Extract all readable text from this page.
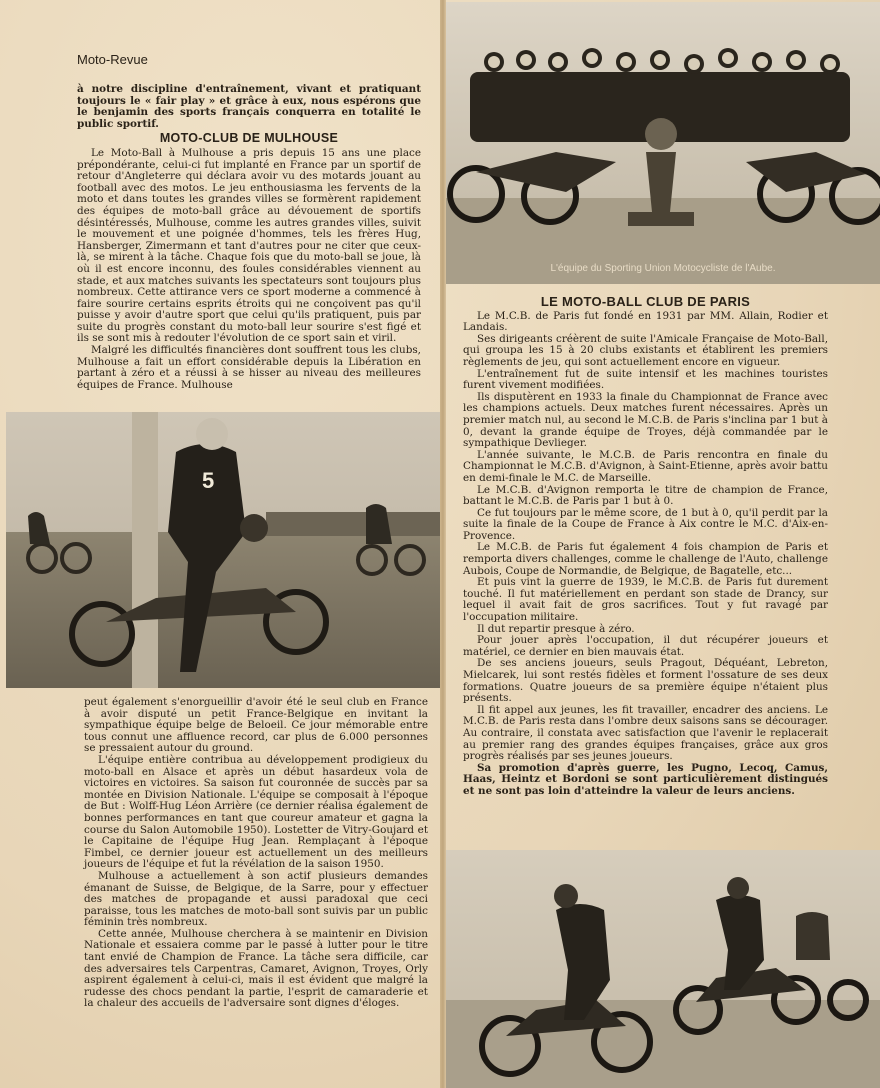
Moto-Revue

à notre discipline d'entraînement, vivant et pratiquant toujours le « fair play » et grâce à eux, nous espérons que le benjamin des sports français conquerra en totalité le public sportif.

MOTO-CLUB DE MULHOUSE

Le Moto-Ball à Mulhouse a pris depuis 15 ans une place prépondérante, celui-ci fut implanté en France par un sportif de retour d'Angleterre qui déclara avoir vu des motards jouant au football avec des motos. Le jeu enthousiasma les fervents de la moto et dans toutes les grandes villes se formèrent rapidement des équipes de moto-ball grâce au dévouement de sportifs désintéressés, Mulhouse, comme les autres grandes villes, suivit le mouvement et une poignée d'hommes, tels les frères Hug, Hansberger, Zimermann et tant d'autres pour ne citer que ceux-là, se mirent à la tâche. Chaque fois que du moto-ball se joue, là où il est encore inconnu, des foules considérables viennent au stade, et aux matches suivants les spectateurs sont toujours plus nombreux. Cette attirance vers ce sport moderne a commencé à faire sourire certains esprits étroits qui ne conçoivent pas qu'il puisse y avoir d'autre sport que celui qu'ils pratiquent, puis par suite du progrès constant du moto-ball leur sourire s'est figé et ils se sont mis à redouter l'évolution de ce sport sain et viril.

Malgré les difficultés financières dont souffrent tous les clubs, Mulhouse a fait un effort considérable depuis la Libération en partant à zéro et a réussi à se hisser au niveau des meilleures équipes de France. Mulhouse

5

peut également s'enorgueillir d'avoir été le seul club en France à avoir disputé un petit France-Belgique en invitant la sympathique équipe belge de Beloeil. Ce jour mémorable entre tous connut une affluence record, car plus de 6.000 personnes se pressaient autour du ground.

L'équipe entière contribua au développement prodigieux du moto-ball en Alsace et après un début hasardeux vola de victoires en victoires. Sa saison fut couronnée de succès par sa montée en Division Nationale. L'équipe se composait à l'époque de But : Wolff-Hug Léon Arrière (ce dernier réalisa également de bonnes performances en tant que coureur amateur et gagna la course du Salon Automobile 1950). Lostetter de Vitry-Goujard et le Capitaine de l'équipe Hug Jean. Remplaçant à l'époque Fimbel, ce dernier joueur est actuellement un des meilleurs joueurs de l'équipe et fut la révélation de la saison 1950.

Mulhouse a actuellement à son actif plusieurs demandes émanant de Suisse, de Belgique, de la Sarre, pour y effectuer des matches de propagande et aussi paradoxal que ceci paraisse, tous les matches de moto-ball sont suivis par un public féminin très nombreux.

Cette année, Mulhouse cherchera à se maintenir en Division Nationale et essaiera comme par le passé à lutter pour le titre tant envié de Champion de France. La tâche sera difficile, car des adversaires tels Carpentras, Camaret, Avignon, Troyes, Orly aspirent également à celui-ci, mais il est évident que malgré la rudesse des chocs pendant la partie, l'esprit de camaraderie et la chaleur des accueils de l'adversaire sont dignes d'éloges.

L'équipe du Sporting Union Motocycliste de l'Aube.
LE MOTO-BALL CLUB DE PARIS

Le M.C.B. de Paris fut fondé en 1931 par MM. Allain, Rodier et Landais.

Ses dirigeants créèrent de suite l'Amicale Française de Moto-Ball, qui groupa les 15 à 20 clubs existants et établirent les premiers règlements de jeu, qui sont actuellement encore en vigueur.

L'entraînement fut de suite intensif et les machines touristes furent vivement modifiées.

Ils disputèrent en 1933 la finale du Championnat de France avec les champions actuels. Deux matches furent nécessaires. Après un premier match nul, au second le M.C.B. de Paris s'inclina par 1 but à 0, devant la grande équipe de Troyes, déjà commandée par le sympathique Devlieger.

L'année suivante, le M.C.B. de Paris rencontra en finale du Championnat le M.C.B. d'Avignon, à Saint-Etienne, après avoir battu en demi-finale le M.C. de Marseille.

Le M.C.B. d'Avignon remporta le titre de champion de France, battant le M.C.B. de Paris par 1 but à 0.

Ce fut toujours par le même score, de 1 but à 0, qu'il perdit par la suite la finale de la Coupe de France à Aix contre le M.C. d'Aix-en-Provence.

Le M.C.B. de Paris fut également 4 fois champion de Paris et remporta divers challenges, comme le challenge de l'Auto, challenge Aubois, Coupe de Normandie, de Belgique, de Bagatelle, etc...

Et puis vint la guerre de 1939, le M.C.B. de Paris fut durement touché. Il fut matériellement en perdant son stade de Drancy, sur lequel il avait fait de gros sacrifices. Tout y fut ravagé par l'occupation militaire.

Il dut repartir presque à zéro.

Pour jouer après l'occupation, il dut récupérer joueurs et matériel, ce dernier en bien mauvais état.

De ses anciens joueurs, seuls Pragout, Déquéant, Lebreton, Mielcarek, lui sont restés fidèles et forment l'ossature de ses deux formations. Quatre joueurs de sa première équipe n'étaient plus présents.

Il fit appel aux jeunes, les fit travailler, encadrer des anciens. Le M.C.B. de Paris resta dans l'ombre deux saisons sans se décourager. Au contraire, il constata avec satisfaction que l'avenir le replacerait au premier rang des grandes équipes françaises, grâce aux gros progrès réalisés par ses jeunes joueurs.

Sa promotion d'après guerre, les Pugno, Lecoq, Camus, Haas, Heintz et Bordoni se sont particulièrement distingués et ne sont pas loin d'atteindre la valeur de leurs anciens.
